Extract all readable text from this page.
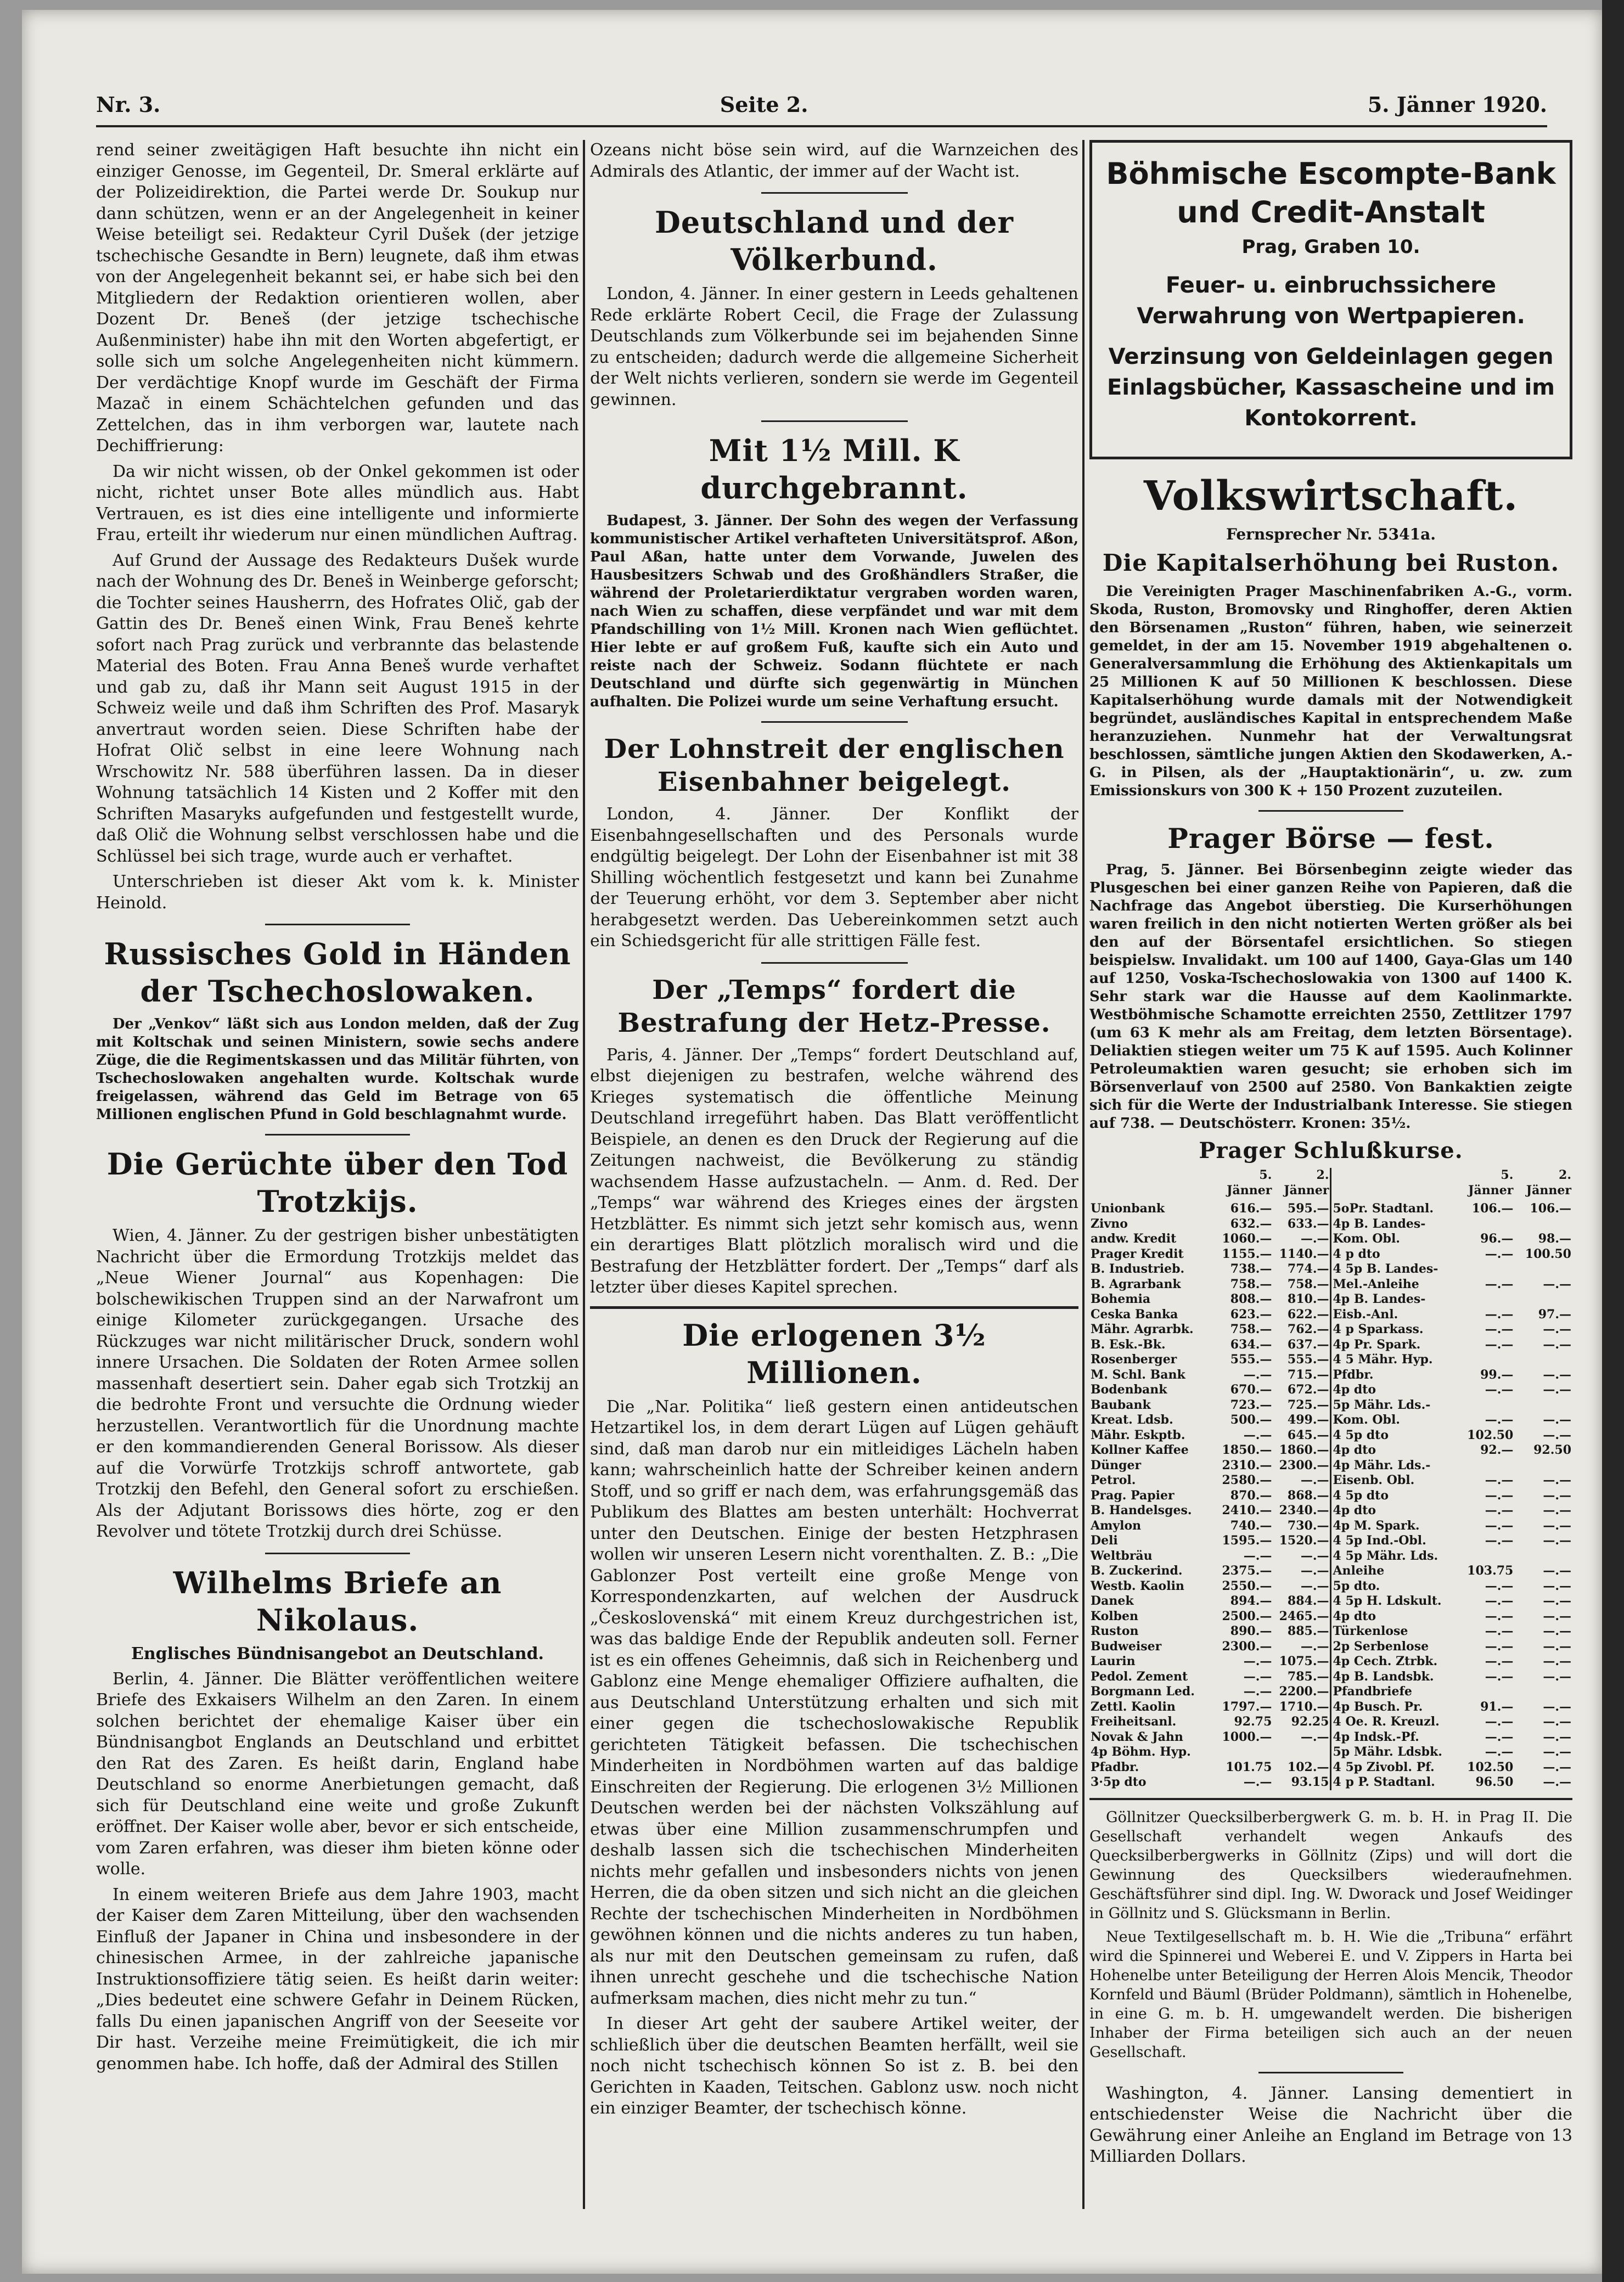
Nr. 3.	Seite 2.	5. Jänner 1920.

rend seiner zweitägigen Haft besuchte ihn nicht ein einziger Genosse, im Gegenteil, Dr. Smeral erklärte auf der Polizeidirektion, die Partei werde Dr. Soukup nur dann schützen, wenn er an der Angelegenheit in keiner Weise beteiligt sei. Redakteur Cyril Dušek (der jetzige tschechische Gesandte in Bern) leugnete, daß ihm etwas von der Angelegenheit bekannt sei, er habe sich bei den Mitgliedern der Redaktion orientieren wollen, aber Dozent Dr. Beneš (der jetzige tschechische Außenminister) habe ihn mit den Worten abgefertigt, er solle sich um solche Angelegenheiten nicht kümmern. Der verdächtige Knopf wurde im Geschäft der Firma Mazač in einem Schächtelchen gefunden und das Zettelchen, das in ihm verborgen war, lautete nach Dechiffrierung:

Da wir nicht wissen, ob der Onkel gekommen ist oder nicht, richtet unser Bote alles mündlich aus. Habt Vertrauen, es ist dies eine intelligente und informierte Frau, erteilt ihr wiederum nur einen mündlichen Auftrag.

Auf Grund der Aussage des Redakteurs Dušek wurde nach der Wohnung des Dr. Beneš in Weinberge geforscht; die Tochter seines Hausherrn, des Hofrates Olič, gab der Gattin des Dr. Beneš einen Wink, Frau Beneš kehrte sofort nach Prag zurück und verbrannte das belastende Material des Boten. Frau Anna Beneš wurde verhaftet und gab zu, daß ihr Mann seit August 1915 in der Schweiz weile und daß ihm Schriften des Prof. Masaryk anvertraut worden seien. Diese Schriften habe der Hofrat Olič selbst in eine leere Wohnung nach Wrschowitz Nr. 588 überführen lassen. Da in dieser Wohnung tatsächlich 14 Kisten und 2 Koffer mit den Schriften Masaryks aufgefunden und festgestellt wurde, daß Olič die Wohnung selbst verschlossen habe und die Schlüssel bei sich trage, wurde auch er verhaftet.

Unterschrieben ist dieser Akt vom k. k. Minister Heinold.

Russisches Gold in Händen der Tschechoslowaken.

Der „Venkov“ läßt sich aus London melden, daß der Zug mit Koltschak und seinen Ministern, sowie sechs andere Züge, die die Regimentskassen und das Militär führten, von Tschechoslowaken angehalten wurde. Koltschak wurde freigelassen, während das Geld im Betrage von 65 Millionen englischen Pfund in Gold beschlagnahmt wurde.

Die Gerüchte über den Tod Trotzkijs.

Wien, 4. Jänner. Zu der gestrigen bisher unbestätigten Nachricht über die Ermordung Trotzkijs meldet das „Neue Wiener Journal“ aus Kopenhagen: Die bolschewikischen Truppen sind an der Narwafront um einige Kilometer zurückgegangen. Ursache des Rückzuges war nicht militärischer Druck, sondern wohl innere Ursachen. Die Soldaten der Roten Armee sollen massenhaft desertiert sein. Daher egab sich Trotzkij an die bedrohte Front und versuchte die Ordnung wieder herzustellen. Verantwortlich für die Unordnung machte er den kommandierenden General Borissow. Als dieser auf die Vorwürfe Trotzkijs schroff antwortete, gab Trotzkij den Befehl, den General sofort zu erschießen. Als der Adjutant Borissows dies hörte, zog er den Revolver und tötete Trotzkij durch drei Schüsse.

Wilhelms Briefe an Nikolaus.
Englisches Bündnisangebot an Deutschland.

Berlin, 4. Jänner. Die Blätter veröffentlichen weitere Briefe des Exkaisers Wilhelm an den Zaren. In einem solchen berichtet der ehemalige Kaiser über ein Bündnisangbot Englands an Deutschland und erbittet den Rat des Zaren. Es heißt darin, England habe Deutschland so enorme Anerbietungen gemacht, daß sich für Deutschland eine weite und große Zukunft eröffnet. Der Kaiser wolle aber, bevor er sich entscheide, vom Zaren erfahren, was dieser ihm bieten könne oder wolle.

In einem weiteren Briefe aus dem Jahre 1903, macht der Kaiser dem Zaren Mitteilung, über den wachsenden Einfluß der Japaner in China und insbesondere in der chinesischen Armee, in der zahlreiche japanische Instruktionsoffiziere tätig seien. Es heißt darin weiter: „Dies bedeutet eine schwere Gefahr in Deinem Rücken, falls Du einen japanischen Angriff von der Seeseite vor Dir hast. Verzeihe meine Freimütigkeit, die ich mir genommen habe. Ich hoffe, daß der Admiral des Stillen

Ozeans nicht böse sein wird, auf die Warnzeichen des Admirals des Atlantic, der immer auf der Wacht ist.

Deutschland und der Völkerbund.

London, 4. Jänner. In einer gestern in Leeds gehaltenen Rede erklärte Robert Cecil, die Frage der Zulassung Deutschlands zum Völkerbunde sei im bejahenden Sinne zu entscheiden; dadurch werde die allgemeine Sicherheit der Welt nichts verlieren, sondern sie werde im Gegenteil gewinnen.

Mit 1½ Mill. K durchgebrannt.

Budapest, 3. Jänner. Der Sohn des wegen der Verfassung kommunistischer Artikel verhafteten Universitätsprof. Aßon, Paul Aßan, hatte unter dem Vorwande, Juwelen des Hausbesitzers Schwab und des Großhändlers Straßer, die während der Proletarierdiktatur vergraben worden waren, nach Wien zu schaffen, diese verpfändet und war mit dem Pfandschilling von 1½ Mill. Kronen nach Wien geflüchtet. Hier lebte er auf großem Fuß, kaufte sich ein Auto und reiste nach der Schweiz. Sodann flüchtete er nach Deutschland und dürfte sich gegenwärtig in München aufhalten. Die Polizei wurde um seine Verhaftung ersucht.

Der Lohnstreit der englischen Eisenbahner beigelegt.

London, 4. Jänner. Der Konflikt der Eisenbahngesellschaften und des Personals wurde endgültig beigelegt. Der Lohn der Eisenbahner ist mit 38 Shilling wöchentlich festgesetzt und kann bei Zunahme der Teuerung erhöht, vor dem 3. September aber nicht herabgesetzt werden. Das Uebereinkommen setzt auch ein Schiedsgericht für alle strittigen Fälle fest.

Der „Temps“ fordert die Bestrafung der Hetz-Presse.

Paris, 4. Jänner. Der „Temps“ fordert Deutschland auf, elbst diejenigen zu bestrafen, welche während des Krieges systematisch die öffentliche Meinung Deutschland irregeführt haben. Das Blatt veröffentlicht Beispiele, an denen es den Druck der Regierung auf die Zeitungen nachweist, die Bevölkerung zu ständig wachsendem Hasse aufzustacheln. — Anm. d. Red. Der „Temps“ war während des Krieges eines der ärgsten Hetzblätter. Es nimmt sich jetzt sehr komisch aus, wenn ein derartiges Blatt plötzlich moralisch wird und die Bestrafung der Hetzblätter fordert. Der „Temps“ darf als letzter über dieses Kapitel sprechen.

Die erlogenen 3½ Millionen.

Die „Nar. Politika“ ließ gestern einen antideutschen Hetzartikel los, in dem derart Lügen auf Lügen gehäuft sind, daß man darob nur ein mitleidiges Lächeln haben kann; wahrscheinlich hatte der Schreiber keinen andern Stoff, und so griff er nach dem, was erfahrungsgemäß das Publikum des Blattes am besten unterhält: Hochverrat unter den Deutschen. Einige der besten Hetzphrasen wollen wir unseren Lesern nicht vorenthalten. Z. B.: „Die Gablonzer Post verteilt eine große Menge von Korrespondenzkarten, auf welchen der Ausdruck „Československá“ mit einem Kreuz durchgestrichen ist, was das baldige Ende der Republik andeuten soll. Ferner ist es ein offenes Geheimnis, daß sich in Reichenberg und Gablonz eine Menge ehemaliger Offiziere aufhalten, die aus Deutschland Unterstützung erhalten und sich mit einer gegen die tschechoslowakische Republik gerichteten Tätigkeit befassen. Die tschechischen Minderheiten in Nordböhmen warten auf das baldige Einschreiten der Regierung. Die erlogenen 3½ Millionen Deutschen werden bei der nächsten Volkszählung auf etwas über eine Million zusammenschrumpfen und deshalb lassen sich die tschechischen Minderheiten nichts mehr gefallen und insbesonders nichts von jenen Herren, die da oben sitzen und sich nicht an die gleichen Rechte der tschechischen Minderheiten in Nordböhmen gewöhnen können und die nichts anderes zu tun haben, als nur mit den Deutschen gemeinsam zu rufen, daß ihnen unrecht geschehe und die tschechische Nation aufmerksam machen, dies nicht mehr zu tun.“

In dieser Art geht der saubere Artikel weiter, der schließlich über die deutschen Beamten herfällt, weil sie noch nicht tschechisch können So ist z. B. bei den Gerichten in Kaaden, Teitschen. Gablonz usw. noch nicht ein einziger Beamter, der tschechisch könne.

Böhmische Escompte-Bank
und Credit-Anstalt
Prag, Graben 10.
Feuer- u. einbruchssichere Verwahrung von Wertpapieren.
Verzinsung von Geldeinlagen gegen Einlagsbücher, Kassascheine und im Kontokorrent.
Volkswirtschaft.
Fernsprecher Nr. 5341a.
Die Kapitalserhöhung bei Ruston.

Die Vereinigten Prager Maschinenfabriken A.-G., vorm. Skoda, Ruston, Bromovsky und Ringhoffer, deren Aktien den Börsenamen „Ruston“ führen, haben, wie seinerzeit gemeldet, in der am 15. November 1919 abgehaltenen o. Generalversammlung die Erhöhung des Aktienkapitals um 25 Millionen K auf 50 Millionen K beschlossen. Diese Kapitalserhöhung wurde damals mit der Notwendigkeit begründet, ausländisches Kapital in entsprechendem Maße heranzuziehen. Nunmehr hat der Verwaltungsrat beschlossen, sämtliche jungen Aktien den Skodawerken, A.-G. in Pilsen, als der „Hauptaktionärin“, u. zw. zum Emissionskurs von 300 K + 150 Prozent zuzuteilen.

Prager Börse — fest.

Prag, 5. Jänner. Bei Börsenbeginn zeigte wieder das Plusgeschen bei einer ganzen Reihe von Papieren, daß die Nachfrage das Angebot überstieg. Die Kurserhöhungen waren freilich in den nicht notierten Werten größer als bei den auf der Börsentafel ersichtlichen. So stiegen beispielsw. Invalidakt. um 100 auf 1400, Gaya-Glas um 140 auf 1250, Voska-Tschechoslowakia von 1300 auf 1400 K. Sehr stark war die Hausse auf dem Kaolinmarkte. Westböhmische Schamotte erreichten 2550, Zettlitzer 1797 (um 63 K mehr als am Freitag, dem letzten Börsentage). Deliaktien stiegen weiter um 75 K auf 1595. Auch Kolinner Petroleumaktien waren gesucht; sie erhoben sich im Börsenverlauf von 2500 auf 2580. Von Bankaktien zeigte sich für die Werte der Industrialbank Interesse. Sie stiegen auf 738. — Deutschösterr. Kronen: 35½.

Prager Schlußkurse.
	5. Jänner	2. Jänner		5. Jänner	2. Jänner
Unionbank	616.—	595.—	5oPr. Stadtanl.	106.—	106.—
Zivno	632.—	633.—	4p B. Landes-		
andw. Kredit	1060.—	—.—	Kom. Obl.	96.—	98.—
Prager Kredit	1155.—	1140.—	4 p dto	—.—	100.50
B. Industrieb.	738.—	774.—	4 5p B. Landes-		
B. Agrarbank	758.—	758.—	Mel.-Anleihe	—.—	—.—
Bohemia	808.—	810.—	4p B. Landes-		
Ceska Banka	623.—	622.—	Eisb.-Anl.	—.—	97.—
Mähr. Agrarbk.	758.—	762.—	4 p Sparkass.	—.—	—.—
B. Esk.-Bk.	634.—	637.—	4p Pr. Spark.	—.—	—.—
Rosenberger	555.—	555.—	4 5 Mähr. Hyp.		
M. Schl. Bank	—.—	715.—	Pfdbr.	99.—	—.—
Bodenbank	670.—	672.—	4p dto	—.—	—.—
Baubank	723.—	725.—	5p Mähr. Lds.-		
Kreat. Ldsb.	500.—	499.—	Kom. Obl.	—.—	—.—
Mähr. Eskptb.	—.—	645.—	4 5p dto	102.50	—.—
Kollner Kaffee	1850.—	1860.—	4p dto	92.—	92.50
Dünger	2310.—	2300.—	4p Mähr. Lds.-		
Petrol.	2580.—	—.—	Eisenb. Obl.	—.—	—.—
Prag. Papier	870.—	868.—	4 5p dto	—.—	—.—
B. Handelsges.	2410.—	2340.—	4p dto	—.—	—.—
Amylon	740.—	730.—	4p M. Spark.	—.—	—.—
Deli	1595.—	1520.—	4 5p Ind.-Obl.	—.—	—.—
Weltbräu	—.—	—.—	4 5p Mähr. Lds.		
B. Zuckerind.	2375.—	—.—	Anleihe	103.75	—.—
Westb. Kaolin	2550.—	—.—	5p dto.	—.—	—.—
Danek	894.—	884.—	4 5p H. Ldskult.	—.—	—.—
Kolben	2500.—	2465.—	4p dto	—.—	—.—
Ruston	890.—	885.—	Türkenlose	—.—	—.—
Budweiser	2300.—	—.—	2p Serbenlose	—.—	—.—
Laurin	—.—	1075.—	4p Cech. Ztrbk.	—.—	—.—
Pedol. Zement	—.—	785.—	4p B. Landsbk.	—.—	—.—
Borgmann Led.	—.—	2200.—	Pfandbriefe		
Zettl. Kaolin	1797.—	1710.—	4p Busch. Pr.	91.—	—.—
Freiheitsanl.	92.75	92.25	4 Oe. R. Kreuzl.	—.—	—.—
Novak & Jahn	1000.—	—.—	4p Indsk.-Pf.	—.—	—.—
4p Böhm. Hyp.			5p Mähr. Ldsbk.	—.—	—.—
Pfadbr.	101.75	102.—	4 5p Zivobl. Pf.	102.50	—.—
3·5p dto	—.—	93.15	4 p P. Stadtanl.	96.50	—.—

Göllnitzer Quecksilberbergwerk G. m. b. H. in Prag II. Die Gesellschaft verhandelt wegen Ankaufs des Quecksilberbergwerks in Göllnitz (Zips) und will dort die Gewinnung des Quecksilbers wiederaufnehmen. Geschäftsführer sind dipl. Ing. W. Dworack und Josef Weidinger in Göllnitz und S. Glücksmann in Berlin.

Neue Textilgesellschaft m. b. H. Wie die „Tribuna“ erfährt wird die Spinnerei und Weberei E. und V. Zippers in Harta bei Hohenelbe unter Beteiligung der Herren Alois Mencik, Theodor Kornfeld und Bäuml (Brüder Poldmann), sämtlich in Hohenelbe, in eine G. m. b. H. umgewandelt werden. Die bisherigen Inhaber der Firma beteiligen sich auch an der neuen Gesellschaft.

Washington, 4. Jänner. Lansing dementiert in entschiedenster Weise die Nachricht über die Gewährung einer Anleihe an England im Betrage von 13 Milliarden Dollars.
